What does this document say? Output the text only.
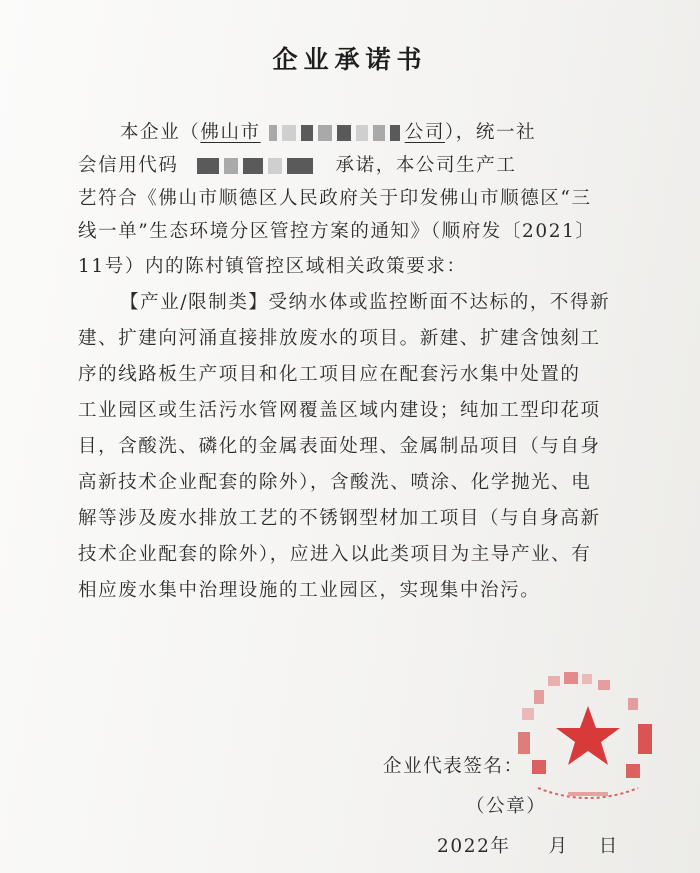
企业承诺书
本企业（佛山市	公司），统一社
会信用代码	承诺，本公司生产工
艺符合《佛山市顺德区人民政府关于印发佛山市顺德区“三
线一单”生态环境分区管控方案的通知》（顺府发〔2021〕
11号）内的陈村镇管控区域相关政策要求：
【产业/限制类】受纳水体或监控断面不达标的，不得新
建、扩建向河涌直接排放废水的项目。新建、扩建含蚀刻工
序的线路板生产项目和化工项目应在配套污水集中处置的
工业园区或生活污水管网覆盖区域内建设；纯加工型印花项
目，含酸洗、磷化的金属表面处理、金属制品项目（与自身
高新技术企业配套的除外），含酸洗、喷涂、化学抛光、电
解等涉及废水排放工艺的不锈钢型材加工项目（与自身高新
技术企业配套的除外），应进入以此类项目为主导产业、有
相应废水集中治理设施的工业园区，实现集中治污。
企业代表签名：
（公章）
2022年 月 日
